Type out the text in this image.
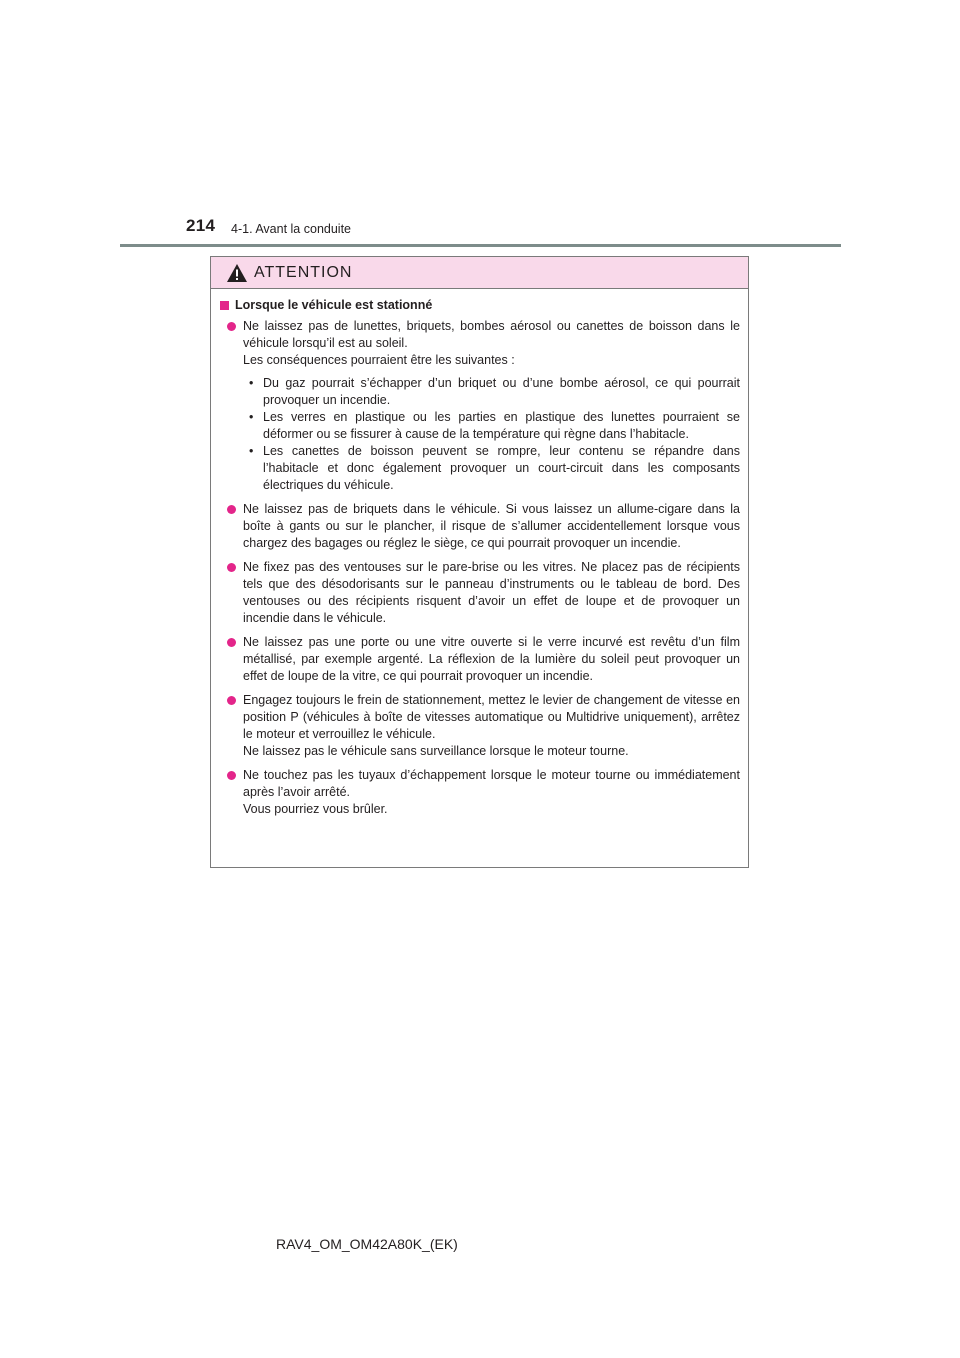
214 4-1. Avant la conduite
ATTENTION
Lorsque le véhicule est stationné

Ne laissez pas de lunettes, briquets, bombes aérosol ou canettes de boisson dans le véhicule lorsqu’il est au soleil.

Les conséquences pourraient être les suivantes :

• Du gaz pourrait s’échapper d’un briquet ou d’une bombe aérosol, ce qui pourrait provoquer un incendie.
• Les verres en plastique ou les parties en plastique des lunettes pourraient se déformer ou se fissurer à cause de la température qui règne dans l’habitacle.
• Les canettes de boisson peuvent se rompre, leur contenu se répandre dans l’habitacle et donc également provoquer un court-circuit dans les composants électriques du véhicule.

Ne laissez pas de briquets dans le véhicule. Si vous laissez un allume-cigare dans la boîte à gants ou sur le plancher, il risque de s’allumer accidentellement lorsque vous chargez des bagages ou réglez le siège, ce qui pourrait provoquer un incendie.

Ne fixez pas des ventouses sur le pare-brise ou les vitres. Ne placez pas de récipients tels que des désodorisants sur le panneau d’instruments ou le tableau de bord. Des ventouses ou des récipients risquent d’avoir un effet de loupe et de provoquer un incendie dans le véhicule.

Ne laissez pas une porte ou une vitre ouverte si le verre incurvé est revêtu d’un film métallisé, par exemple argenté. La réflexion de la lumière du soleil peut provoquer un effet de loupe de la vitre, ce qui pourrait provoquer un incendie.

Engagez toujours le frein de stationnement, mettez le levier de changement de vitesse en position P (véhicules à boîte de vitesses automatique ou Multidrive uniquement), arrêtez le moteur et verrouillez le véhicule.

Ne laissez pas le véhicule sans surveillance lorsque le moteur tourne.

Ne touchez pas les tuyaux d’échappement lorsque le moteur tourne ou immédiatement après l’avoir arrêté.

Vous pourriez vous brûler.

RAV4_OM_OM42A80K_(EK)
